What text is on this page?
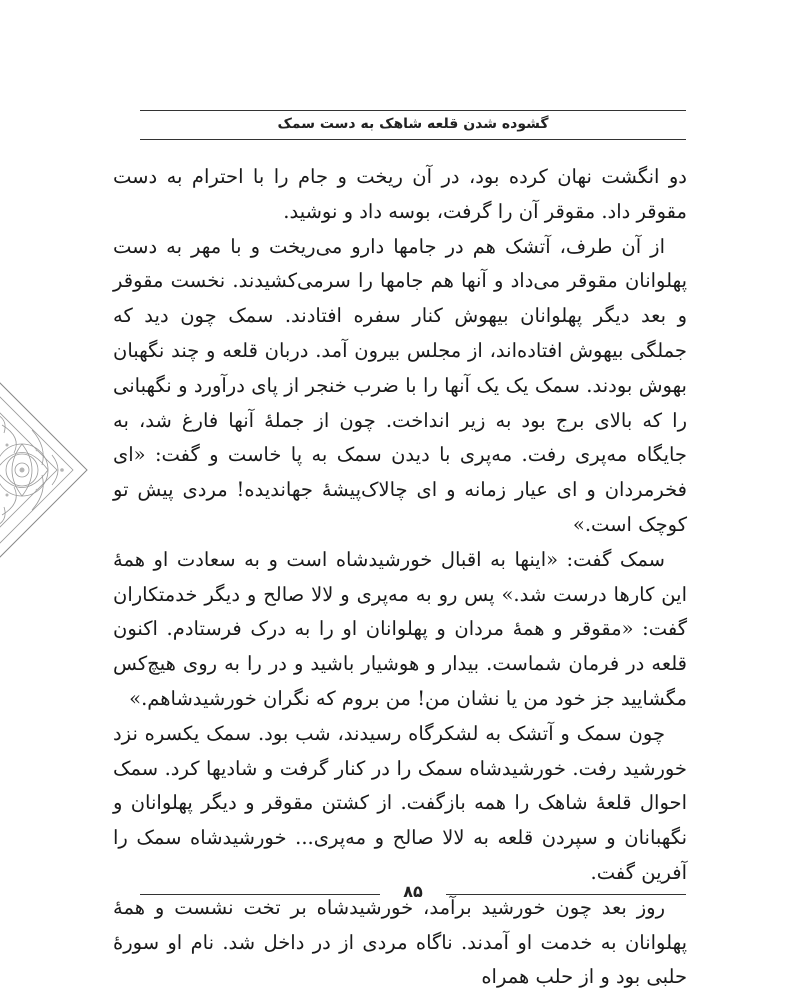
گشوده شدن قلعه شاهک به دست سمک

دو انگشت نهان کرده بود، در آن ریخت و جام را با احترام به دست مقوقر داد. مقوقر آن را گرفت، بوسه داد و نوشید.

از آن طرف، آتشک هم در جامها دارو می‌ریخت و با مهر به دست پهلوانان مقوقر می‌داد و آنها هم جامها را سرمی‌کشیدند. نخست مقوقر و بعد دیگر پهلوانان بیهوش کنار سفره افتادند. سمک چون دید که جملگی بیهوش افتاده‌اند، از مجلس بیرون آمد. دربان قلعه و چند نگهبان بهوش بودند. سمک یک یک آنها را با ضرب خنجر از پای درآورد و نگهبانی را که بالای برج بود به زیر انداخت. چون از جملهٔ آنها فارغ شد، به جایگاه مه‌پری رفت. مه‌پری با دیدن سمک به پا خاست و گفت: «ای فخرمردان و ای عیار زمانه و ای چالاک‌پیشهٔ جهاندیده! مردی پیش تو کوچک است.»

سمک گفت: «اینها به اقبال خورشیدشاه است و به سعادت او همهٔ این کارها درست شد.» پس رو به مه‌پری و لالا صالح و دیگر خدمتکاران گفت: «مقوقر و همهٔ مردان و پهلوانان او را به درک فرستادم. اکنون قلعه در فرمان شماست. بیدار و هوشیار باشید و در را به روی هیچ‌کس مگشایید جز خود من یا نشان من! من بروم که نگران خورشیدشاهم.»

چون سمک و آتشک به لشکرگاه رسیدند، شب بود. سمک یکسره نزد خورشید رفت. خورشیدشاه سمک را در کنار گرفت و شادیها کرد. سمک احوال قلعهٔ شاهک را همه بازگفت. از کشتن مقوقر و دیگر پهلوانان و نگهبانان و سپردن قلعه به لالا صالح و مه‌پری... خورشیدشاه سمک را آفرین گفت.

روز بعد چون خورشید برآمد، خورشیدشاه بر تخت نشست و همهٔ پهلوانان به خدمت او آمدند. ناگاه مردی از در داخل شد. نام او سورهٔ حلبی بود و از حلب همراه

۸۵
